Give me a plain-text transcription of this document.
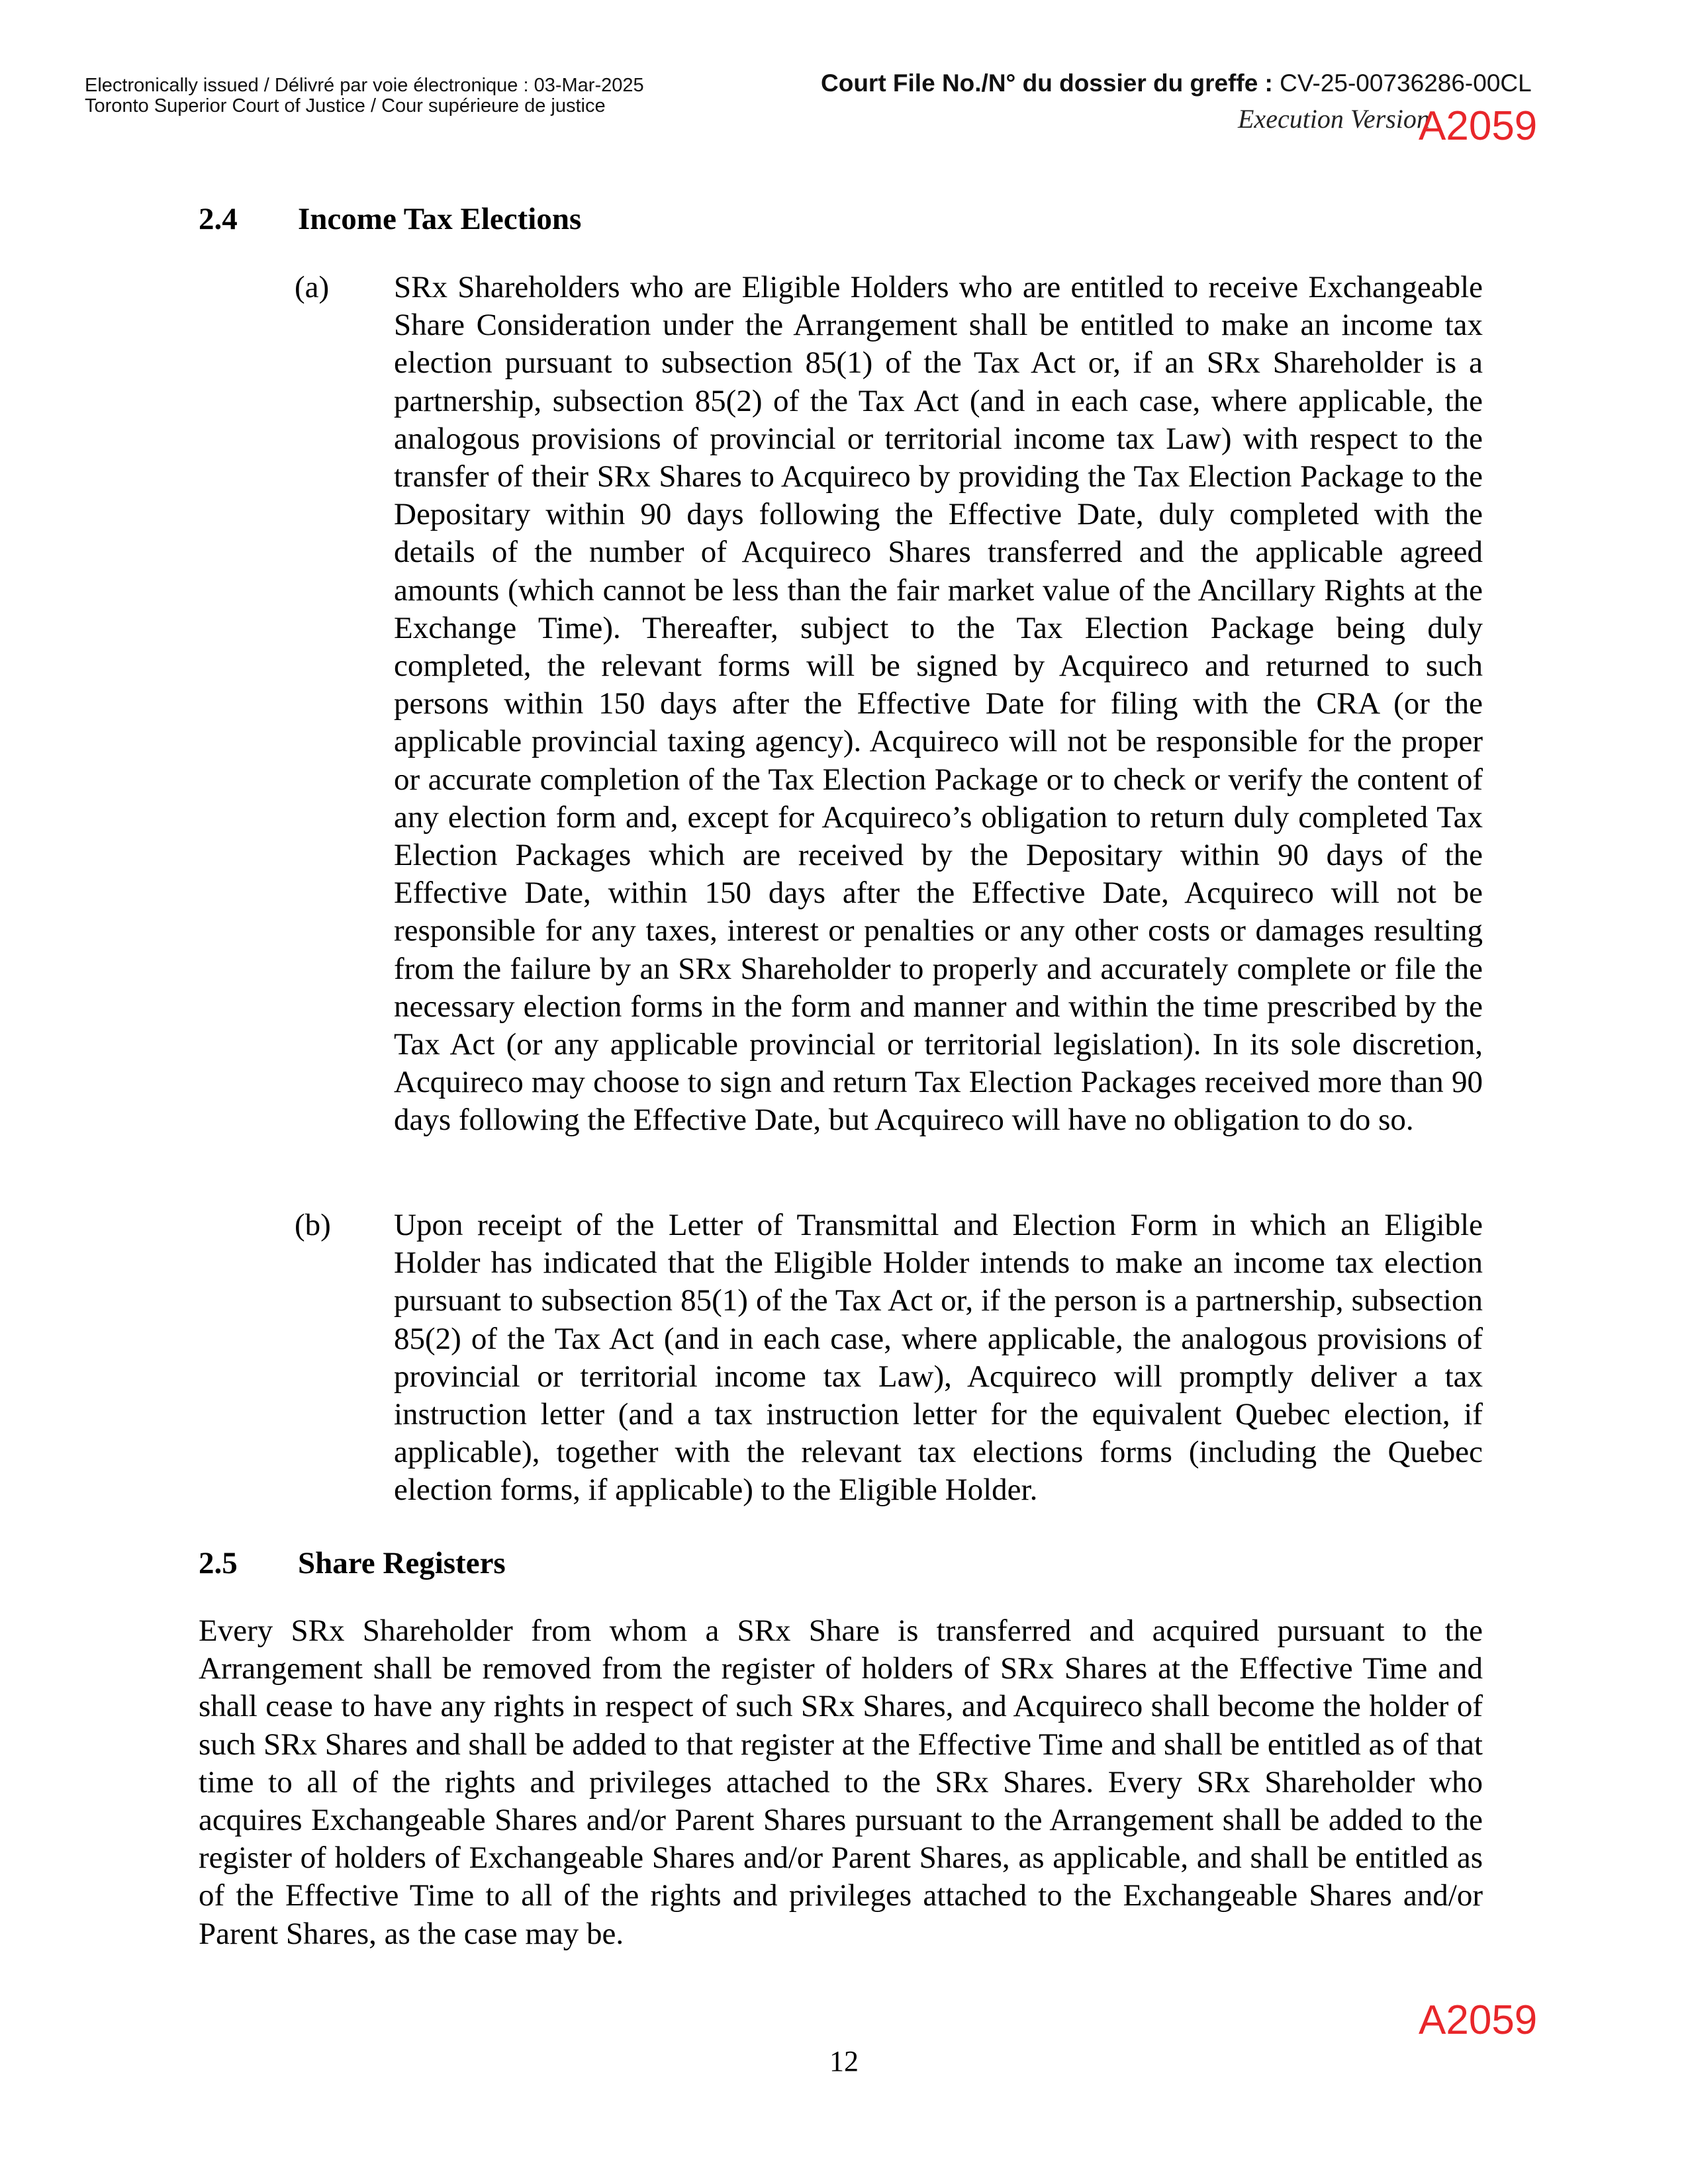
Electronically issued / Délivré par voie électronique : 03-Mar-2025
Toronto Superior Court of Justice / Cour supérieure de justice
Court File No./N° du dossier du greffe : CV-25-00736286-00CL
Execution Version
A2059
2.4 Income Tax Elections
(a) SRx Shareholders who are Eligible Holders who are entitled to receive Exchangeable Share Consideration under the Arrangement shall be entitled to make an income tax election pursuant to subsection 85(1) of the Tax Act or, if an SRx Shareholder is a partnership, subsection 85(2) of the Tax Act (and in each case, where applicable, the analogous provisions of provincial or territorial income tax Law) with respect to the transfer of their SRx Shares to Acquireco by providing the Tax Election Package to the Depositary within 90 days following the Effective Date, duly completed with the details of the number of Acquireco Shares transferred and the applicable agreed amounts (which cannot be less than the fair market value of the Ancillary Rights at the Exchange Time). Thereafter, subject to the Tax Election Package being duly completed, the relevant forms will be signed by Acquireco and returned to such persons within 150 days after the Effective Date for filing with the CRA (or the applicable provincial taxing agency). Acquireco will not be responsible for the proper or accurate completion of the Tax Election Package or to check or verify the content of any election form and, except for Acquireco’s obligation to return duly completed Tax Election Packages which are received by the Depositary within 90 days of the Effective Date, within 150 days after the Effective Date, Acquireco will not be responsible for any taxes, interest or penalties or any other costs or damages resulting from the failure by an SRx Shareholder to properly and accurately complete or file the necessary election forms in the form and manner and within the time prescribed by the Tax Act (or any applicable provincial or territorial legislation). In its sole discretion, Acquireco may choose to sign and return Tax Election Packages received more than 90 days following the Effective Date, but Acquireco will have no obligation to do so.
(b) Upon receipt of the Letter of Transmittal and Election Form in which an Eligible Holder has indicated that the Eligible Holder intends to make an income tax election pursuant to subsection 85(1) of the Tax Act or, if the person is a partnership, subsection 85(2) of the Tax Act (and in each case, where applicable, the analogous provisions of provincial or territorial income tax Law), Acquireco will promptly deliver a tax instruction letter (and a tax instruction letter for the equivalent Quebec election, if applicable), together with the relevant tax elections forms (including the Quebec election forms, if applicable) to the Eligible Holder.
2.5 Share Registers
Every SRx Shareholder from whom a SRx Share is transferred and acquired pursuant to the Arrangement shall be removed from the register of holders of SRx Shares at the Effective Time and shall cease to have any rights in respect of such SRx Shares, and Acquireco shall become the holder of such SRx Shares and shall be added to that register at the Effective Time and shall be entitled as of that time to all of the rights and privileges attached to the SRx Shares. Every SRx Shareholder who acquires Exchangeable Shares and/or Parent Shares pursuant to the Arrangement shall be added to the register of holders of Exchangeable Shares and/or Parent Shares, as applicable, and shall be entitled as of the Effective Time to all of the rights and privileges attached to the Exchangeable Shares and/or Parent Shares, as the case may be.
A2059
12
